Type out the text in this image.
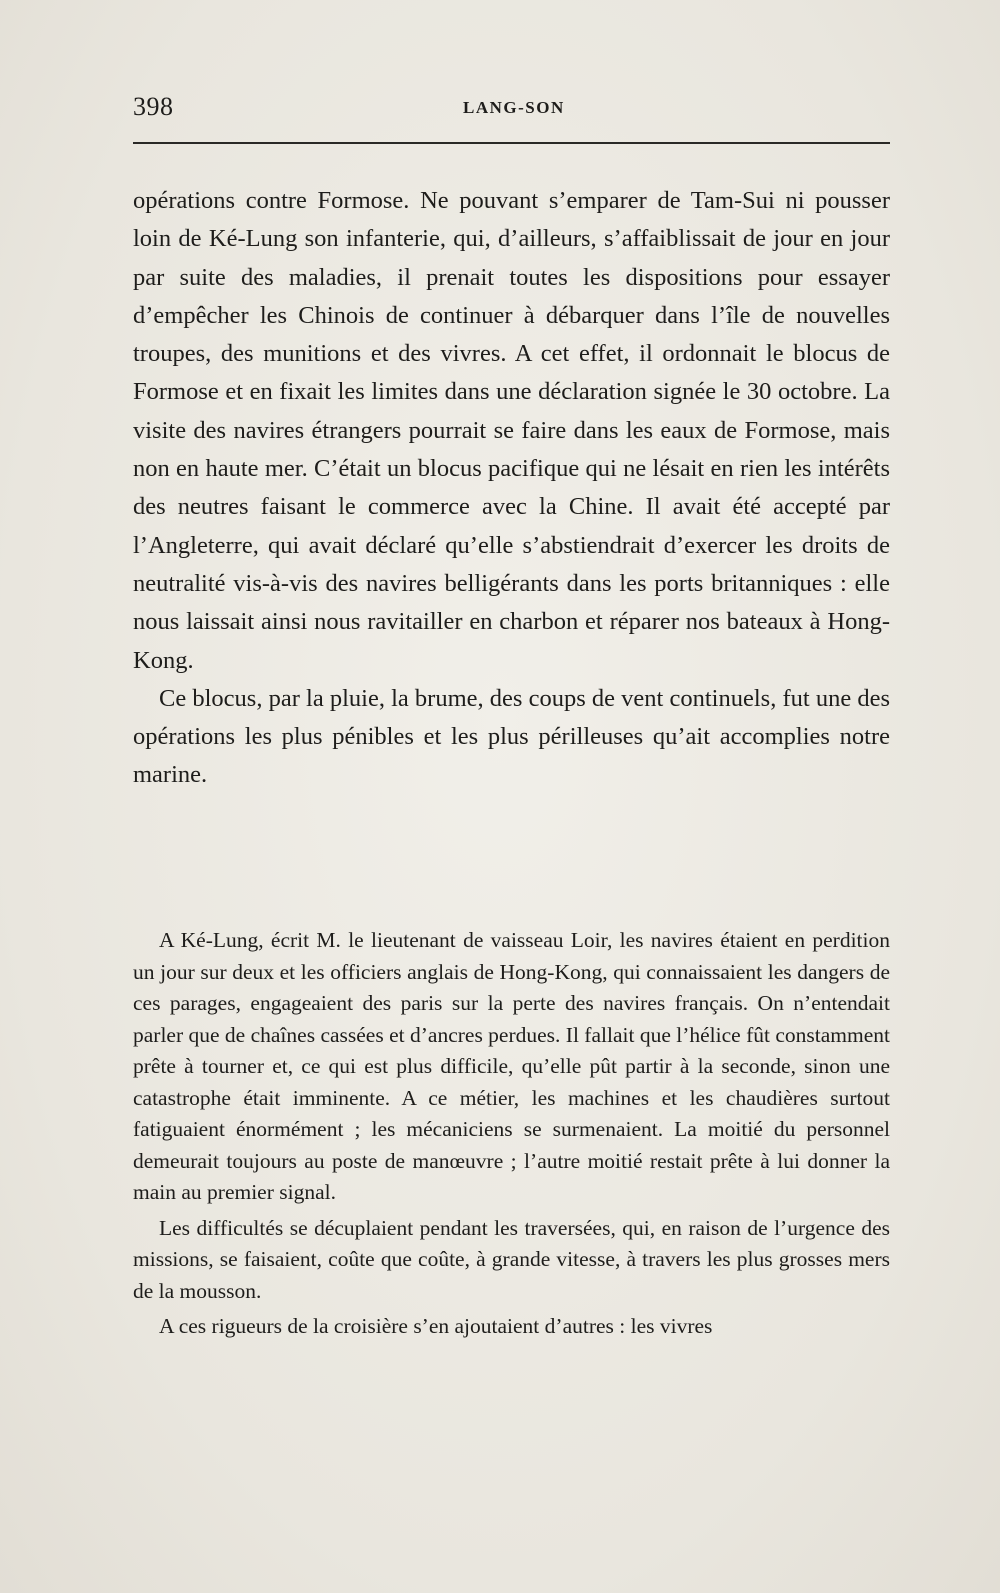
398	LANG-SON

opérations contre Formose. Ne pouvant s’emparer de Tam-Sui ni pousser loin de Ké-Lung son infanterie, qui, d’ailleurs, s’affaiblissait de jour en jour par suite des maladies, il prenait toutes les dispositions pour essayer d’empêcher les Chinois de continuer à débarquer dans l’île de nouvelles troupes, des munitions et des vivres. A cet effet, il ordonnait le blocus de Formose et en fixait les limites dans une déclaration signée le 30 octobre. La visite des navires étrangers pourrait se faire dans les eaux de Formose, mais non en haute mer. C’était un blocus pacifique qui ne lésait en rien les intérêts des neutres faisant le commerce avec la Chine. Il avait été accepté par l’Angleterre, qui avait déclaré qu’elle s’abstiendrait d’exercer les droits de neutralité vis-à-vis des navires belligérants dans les ports britanniques : elle nous laissait ainsi nous ravitailler en charbon et réparer nos bateaux à Hong-Kong.

Ce blocus, par la pluie, la brume, des coups de vent continuels, fut une des opérations les plus pénibles et les plus périlleuses qu’ait accomplies notre marine.

A Ké-Lung, écrit M. le lieutenant de vaisseau Loir, les navires étaient en perdition un jour sur deux et les officiers anglais de Hong-Kong, qui connaissaient les dangers de ces parages, engageaient des paris sur la perte des navires français. On n’entendait parler que de chaînes cassées et d’ancres perdues. Il fallait que l’hélice fût constamment prête à tourner et, ce qui est plus difficile, qu’elle pût partir à la seconde, sinon une catastrophe était imminente. A ce métier, les machines et les chaudières surtout fatiguaient énormément ; les mécaniciens se surmenaient. La moitié du personnel demeurait toujours au poste de manœuvre ; l’autre moitié restait prête à lui donner la main au premier signal.

Les difficultés se décuplaient pendant les traversées, qui, en raison de l’urgence des missions, se faisaient, coûte que coûte, à grande vitesse, à travers les plus grosses mers de la mousson.

A ces rigueurs de la croisière s’en ajoutaient d’autres : les vivres
